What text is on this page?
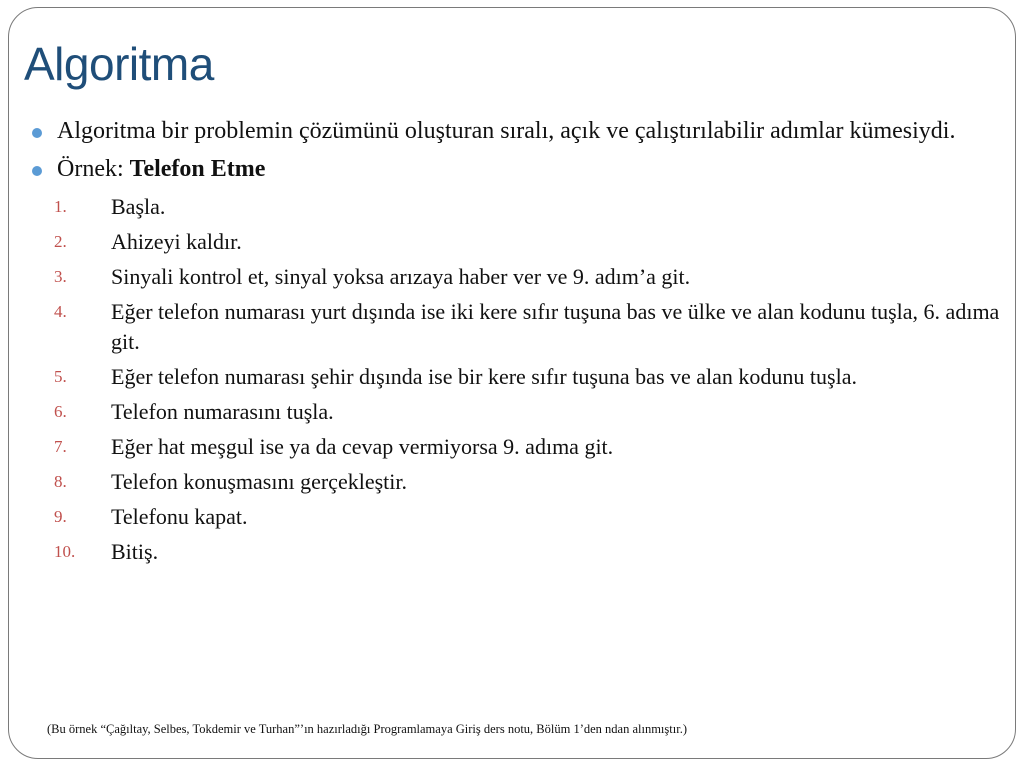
Algoritma
Algoritma bir problemin çözümünü oluşturan sıralı, açık ve çalıştırılabilir adımlar kümesiydi.
Örnek: Telefon Etme
1. Başla.
2. Ahizeyi kaldır.
3. Sinyali kontrol et, sinyal yoksa arızaya haber ver ve 9. adım’a git.
4. Eğer telefon numarası yurt dışında ise iki kere sıfır tuşuna bas ve ülke ve alan kodunu tuşla, 6. adıma git.
5. Eğer telefon numarası şehir dışında ise bir kere sıfır tuşuna bas ve alan kodunu tuşla.
6. Telefon numarasını tuşla.
7. Eğer hat meşgul ise ya da cevap vermiyorsa 9. adıma git.
8. Telefon konuşmasını gerçekleştir.
9. Telefonu kapat.
10. Bitiş.
(Bu örnek “Çağıltay, Selbes, Tokdemir ve Turhan”’ın hazırladığı Programlamaya Giriş ders notu, Bölüm 1’den ndan alınmıştır.)
